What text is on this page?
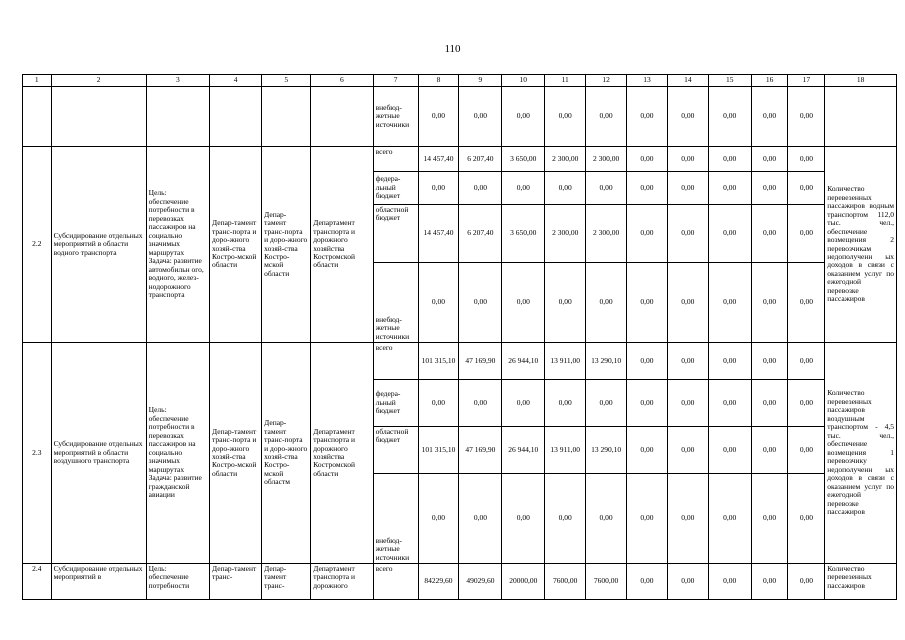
110
1	2	3	4	5	6	7	8	9	10	11	12	13	14	15	16	17	18
						внебюд-жетные источники	0,00	0,00	0,00	0,00	0,00	0,00	0,00	0,00	0,00	0,00	
2.2	Субсидирование отдельных мероприятий в области водного транспорта	Цель: обеспечение потребности в перевозках пассажиров на социально значимых маршрутах Задача: развитие автомобильн ого, водного, желез-нодорожного транспорта	Депар-тамент транс-порта и доро-жного хозяй-ства Костро-мской области	Депар-тамент транс-порта и доро-жного хозяй-ства Костро-мской области	Департамент транспорта и дорожного хозяйства Костромской области	всего	14 457,40	6 207,40	3 650,00	2 300,00	2 300,00	0,00	0,00	0,00	0,00	0,00	Количество перевезенных пассажиров водным транспортом 112,0 тыс. чел., обеспечение возмещения 2 перевозчикам недополученн ых доходов в связи с оказанием услуг по ежегодной перевозке пассажиров
						федера-льный бюджет	0,00	0,00	0,00	0,00	0,00	0,00	0,00	0,00	0,00	0,00	
						областной бюджет	14 457,40	6 207,40	3 650,00	2 300,00	2 300,00	0,00	0,00	0,00	0,00	0,00	
						внебюд-жетные источники	0,00	0,00	0,00	0,00	0,00	0,00	0,00	0,00	0,00	0,00	
2.3	Субсидирование отдельных мероприятий в области воздушного транспорта	Цель: обеспечение потребности в перевозках пассажиров на социально значимых маршрутах Задача: развитие гражданской авиации	Депар-тамент транс-порта и доро-жного хозяй-ства Костро-мской области	Депар-тамент транс-порта и доро-жного хозяй-ства Костро-мской областм	Департамент транспорта и дорожного хозяйства Костромской области	всего	101 315,10	47 169,90	26 944,10	13 911,00	13 290,10	0,00	0,00	0,00	0,00	0,00	Количество перевезенных пассажиров воздушным транспортом - 4,5 тыс. чел., обеспечение возмещения 1 перевозчику недополученн ых доходов в связи с оказанием услуг по ежегодной перевозке пассажиров
						федера-льный бюджет	0,00	0,00	0,00	0,00	0,00	0,00	0,00	0,00	0,00	0,00	
						областной бюджет	101 315,10	47 169,90	26 944,10	13 911,00	13 290,10	0,00	0,00	0,00	0,00	0,00	
						внебюд-жетные источники	0,00	0,00	0,00	0,00	0,00	0,00	0,00	0,00	0,00	0,00	
2.4	Субсидирование отдельных мероприятий в	Цель: обеспечение потребности	Депар-тамент транс-	Депар-тамент транс-	Департамент транспорта и дорожного	всего	84229,60	49029,60	20000,00	7600,00	7600,00	0,00	0,00	0,00	0,00	0,00	Количество перевезенных пассажиров
